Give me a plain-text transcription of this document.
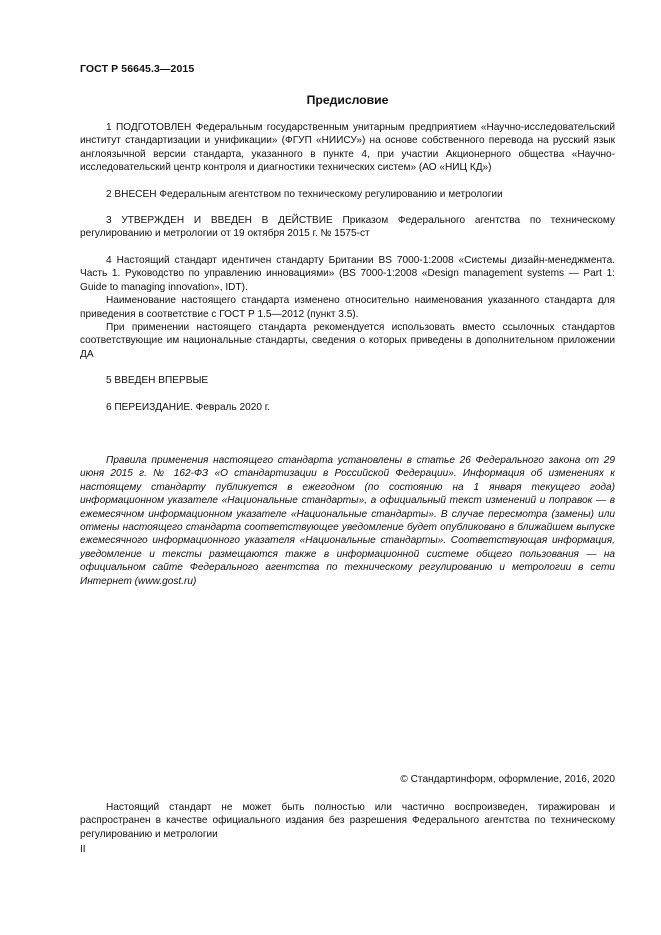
ГОСТ Р 56645.3—2015
Предисловие

1 ПОДГОТОВЛЕН Федеральным государственным унитарным предприятием «Научно-исследовательский институт стандартизации и унификации» (ФГУП «НИИСУ») на основе собственного перевода на русский язык англоязычной версии стандарта, указанного в пункте 4, при участии Акционерного общества «Научно-исследовательский центр контроля и диагностики технических систем» (АО «НИЦ КД»)

2 ВНЕСЕН Федеральным агентством по техническому регулированию и метрологии

3 УТВЕРЖДЕН И ВВЕДЕН В ДЕЙСТВИЕ Приказом Федерального агентства по техническому регулированию и метрологии от 19 октября 2015 г. № 1575-ст

4 Настоящий стандарт идентичен стандарту Британии BS 7000-1:2008 «Системы дизайн-менеджмента. Часть 1. Руководство по управлению инновациями» (BS 7000-1:2008 «Design management systems — Part 1: Guide to managing innovation», IDT).

Наименование настоящего стандарта изменено относительно наименования указанного стандарта для приведения в соответствие с ГОСТ Р 1.5—2012 (пункт 3.5).

При применении настоящего стандарта рекомендуется использовать вместо ссылочных стандартов соответствующие им национальные стандарты, сведения о которых приведены в дополнительном приложении ДА

5 ВВЕДЕН ВПЕРВЫЕ

6 ПЕРЕИЗДАНИЕ. Февраль 2020 г.

Правила применения настоящего стандарта установлены в статье 26 Федерального закона от 29 июня 2015 г. № 162-ФЗ «О стандартизации в Российской Федерации». Информация об изменениях к настоящему стандарту публикуется в ежегодном (по состоянию на 1 января текущего года) информационном указателе «Национальные стандарты», а официальный текст изменений и поправок — в ежемесячном информационном указателе «Национальные стандарты». В случае пересмотра (замены) или отмены настоящего стандарта соответствующее уведомление будет опубликовано в ближайшем выпуске ежемесячного информационного указателя «Национальные стандарты». Соответствующая информация, уведомление и тексты размещаются также в информационной системе общего пользования — на официальном сайте Федерального агентства по техническому регулированию и метрологии в сети Интернет (www.gost.ru)

© Стандартинформ, оформление, 2016, 2020

Настоящий стандарт не может быть полностью или частично воспроизведен, тиражирован и распространен в качестве официального издания без разрешения Федерального агентства по техническому регулированию и метрологии

II
